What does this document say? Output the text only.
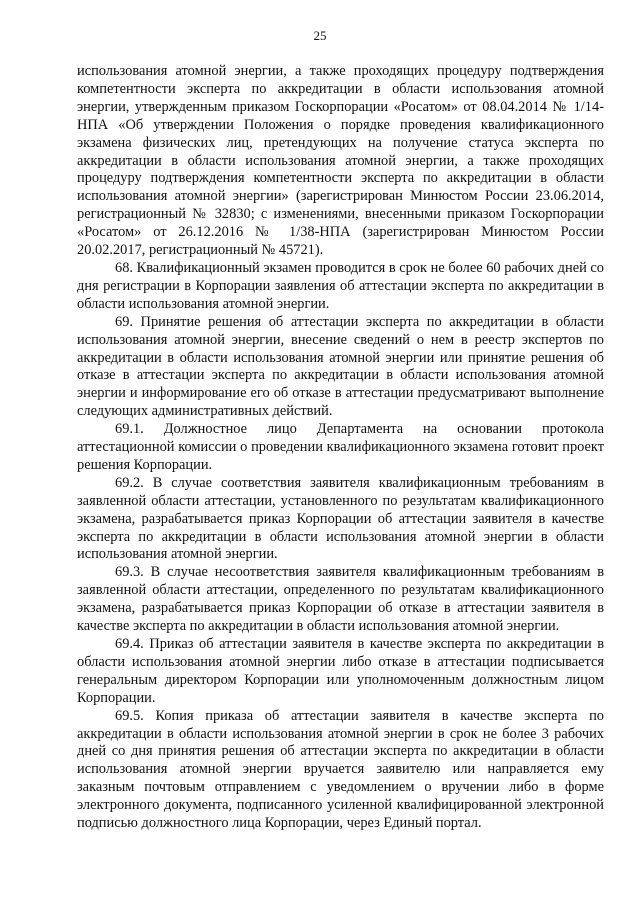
25

использования атомной энергии, а также проходящих процедуру подтверждения компетентности эксперта по аккредитации в области использования атомной энергии, утвержденным приказом Госкорпорации «Росатом» от 08.04.2014 № 1/14-НПА «Об утверждении Положения о порядке проведения квалификационного экзамена физических лиц, претендующих на получение статуса эксперта по аккредитации в области использования атомной энергии, а также проходящих процедуру подтверждения компетентности эксперта по аккредитации в области использования атомной энергии» (зарегистрирован Минюстом России 23.06.2014, регистрационный № 32830; с изменениями, внесенными приказом Госкорпорации «Росатом» от 26.12.2016 № 1/38-НПА (зарегистрирован Минюстом России 20.02.2017, регистрационный № 45721).

68. Квалификационный экзамен проводится в срок не более 60 рабочих дней со дня регистрации в Корпорации заявления об аттестации эксперта по аккредитации в области использования атомной энергии.

69. Принятие решения об аттестации эксперта по аккредитации в области использования атомной энергии, внесение сведений о нем в реестр экспертов по аккредитации в области использования атомной энергии или принятие решения об отказе в аттестации эксперта по аккредитации в области использования атомной энергии и информирование его об отказе в аттестации предусматривают выполнение следующих административных действий.

69.1. Должностное лицо Департамента на основании протокола аттестационной комиссии о проведении квалификационного экзамена готовит проект решения Корпорации.

69.2. В случае соответствия заявителя квалификационным требованиям в заявленной области аттестации, установленного по результатам квалификационного экзамена, разрабатывается приказ Корпорации об аттестации заявителя в качестве эксперта по аккредитации в области использования атомной энергии в области использования атомной энергии.

69.3. В случае несоответствия заявителя квалификационным требованиям в заявленной области аттестации, определенного по результатам квалификационного экзамена, разрабатывается приказ Корпорации об отказе в аттестации заявителя в качестве эксперта по аккредитации в области использования атомной энергии.

69.4. Приказ об аттестации заявителя в качестве эксперта по аккредитации в области использования атомной энергии либо отказе в аттестации подписывается генеральным директором Корпорации или уполномоченным должностным лицом Корпорации.

69.5. Копия приказа об аттестации заявителя в качестве эксперта по аккредитации в области использования атомной энергии в срок не более 3 рабочих дней со дня принятия решения об аттестации эксперта по аккредитации в области использования атомной энергии вручается заявителю или направляется ему заказным почтовым отправлением с уведомлением о вручении либо в форме электронного документа, подписанного усиленной квалифицированной электронной подписью должностного лица Корпорации, через Единый портал.
